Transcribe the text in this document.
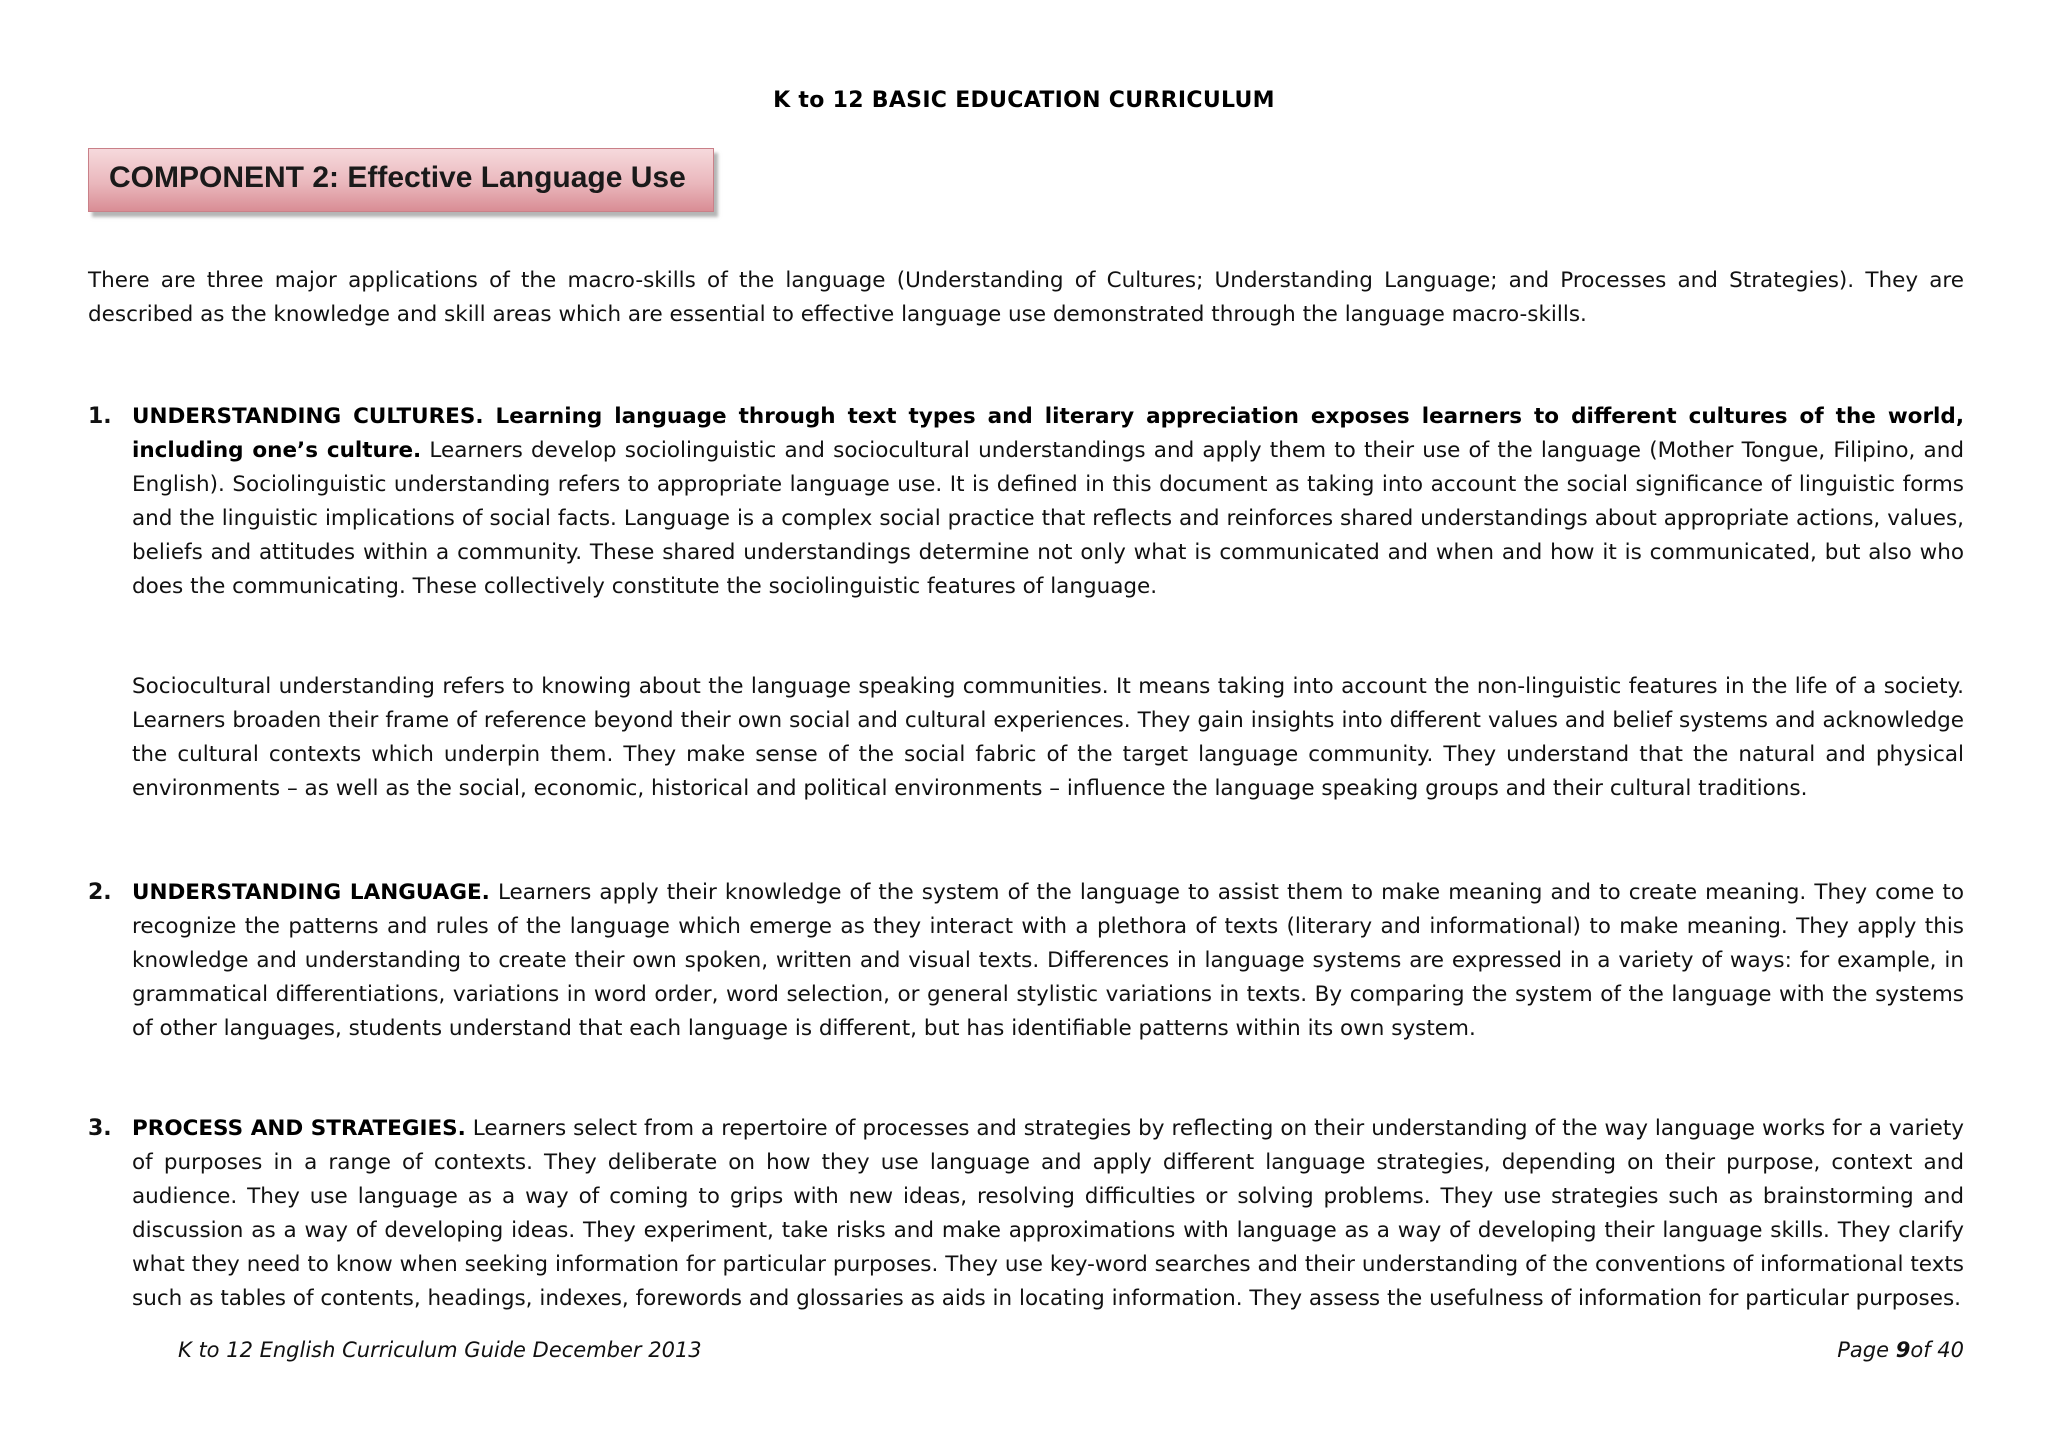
K to 12 BASIC EDUCATION CURRICULUM
COMPONENT 2: Effective Language Use
There are three major applications of the macro-skills of the language (Understanding of Cultures; Understanding Language; and Processes and Strategies). They are described as the knowledge and skill areas which are essential to effective language use demonstrated through the language macro-skills.
1. UNDERSTANDING CULTURES. Learning language through text types and literary appreciation exposes learners to different cultures of the world, including one’s culture. Learners develop sociolinguistic and sociocultural understandings and apply them to their use of the language (Mother Tongue, Filipino, and English). Sociolinguistic understanding refers to appropriate language use. It is defined in this document as taking into account the social significance of linguistic forms and the linguistic implications of social facts. Language is a complex social practice that reflects and reinforces shared understandings about appropriate actions, values, beliefs and attitudes within a community. These shared understandings determine not only what is communicated and when and how it is communicated, but also who does the communicating. These collectively constitute the sociolinguistic features of language.
Sociocultural understanding refers to knowing about the language speaking communities. It means taking into account the non-linguistic features in the life of a society. Learners broaden their frame of reference beyond their own social and cultural experiences. They gain insights into different values and belief systems and acknowledge the cultural contexts which underpin them. They make sense of the social fabric of the target language community. They understand that the natural and physical environments – as well as the social, economic, historical and political environments – influence the language speaking groups and their cultural traditions.
2. UNDERSTANDING LANGUAGE. Learners apply their knowledge of the system of the language to assist them to make meaning and to create meaning. They come to recognize the patterns and rules of the language which emerge as they interact with a plethora of texts (literary and informational) to make meaning. They apply this knowledge and understanding to create their own spoken, written and visual texts. Differences in language systems are expressed in a variety of ways: for example, in grammatical differentiations, variations in word order, word selection, or general stylistic variations in texts. By comparing the system of the language with the systems of other languages, students understand that each language is different, but has identifiable patterns within its own system.
3. PROCESS AND STRATEGIES. Learners select from a repertoire of processes and strategies by reflecting on their understanding of the way language works for a variety of purposes in a range of contexts. They deliberate on how they use language and apply different language strategies, depending on their purpose, context and audience. They use language as a way of coming to grips with new ideas, resolving difficulties or solving problems. They use strategies such as brainstorming and discussion as a way of developing ideas. They experiment, take risks and make approximations with language as a way of developing their language skills. They clarify what they need to know when seeking information for particular purposes. They use key-word searches and their understanding of the conventions of informational texts such as tables of contents, headings, indexes, forewords and glossaries as aids in locating information. They assess the usefulness of information for particular purposes.
K to 12 English Curriculum Guide December 2013	Page 9of 40
